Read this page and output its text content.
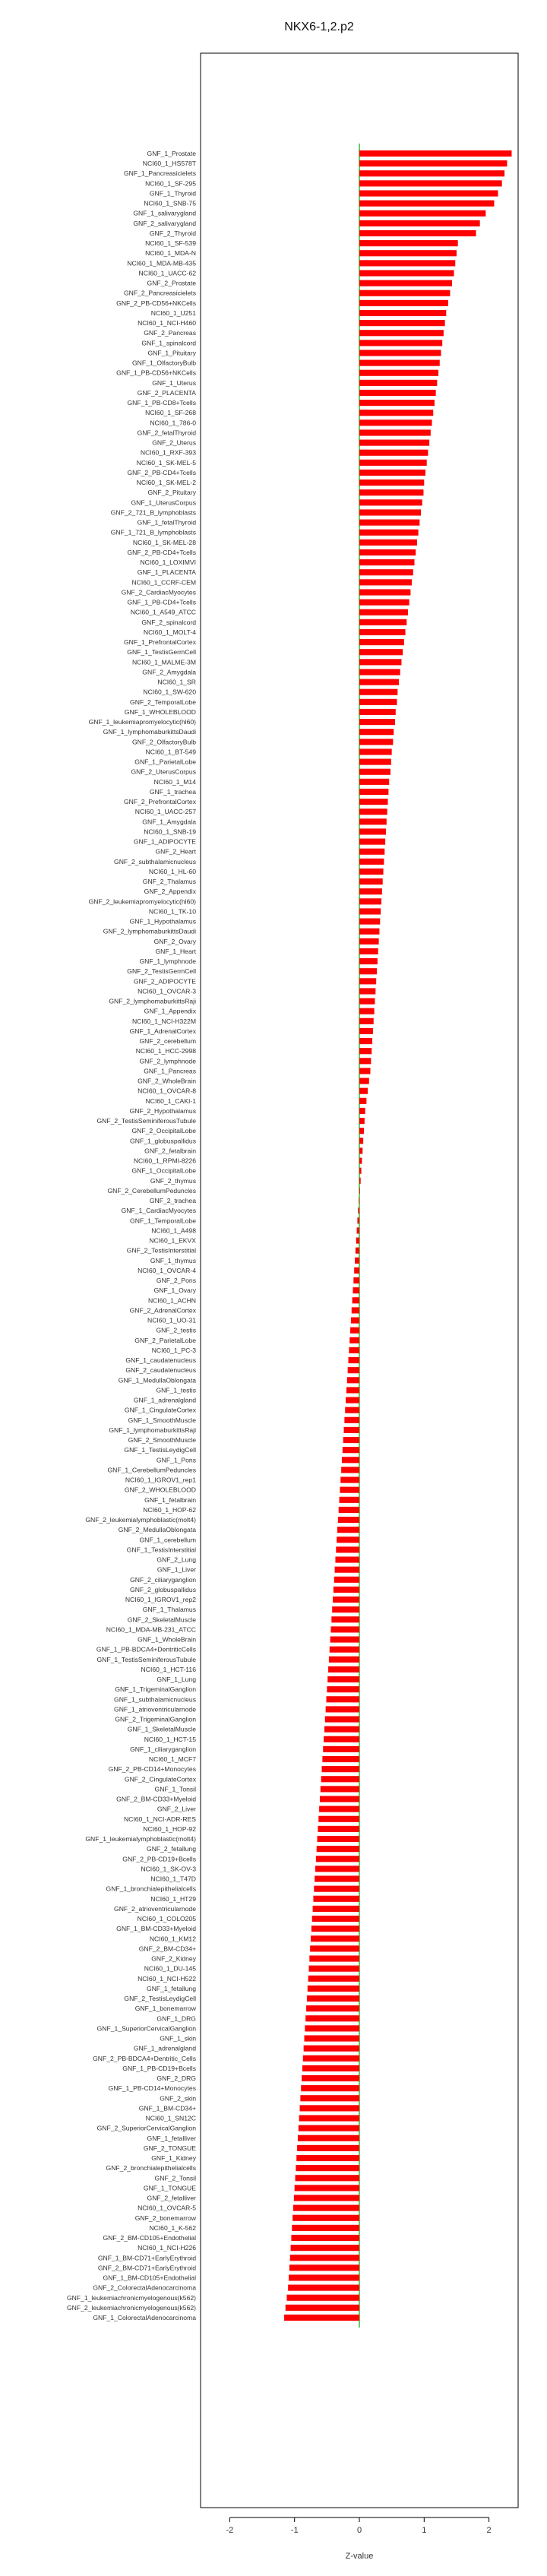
NKX6-1,2.p2
GNF_1_Prostate
NCI60_1_HS578T
GNF_1_Pancreasicielets
NCI60_1_SF-295
GNF_1_Thyroid
NCI60_1_SNB-75
GNF_1_salivarygland
GNF_2_salivarygland
GNF_2_Thyroid
NCI60_1_SF-539
NCI60_1_MDA-N
NCI60_1_MDA-MB-435
NCI60_1_UACC-62
GNF_2_Prostate
GNF_2_Pancreasicielets
GNF_2_PB-CD56+NKCells
NCI60_1_U251
NCI60_1_NCI-H460
GNF_2_Pancreas
GNF_1_spinalcord
GNF_1_Pituitary
GNF_1_OlfactoryBulb
GNF_1_PB-CD56+NKCells
GNF_1_Uterus
GNF_2_PLACENTA
GNF_1_PB-CD8+Tcells
NCI60_1_SF-268
NCI60_1_786-0
GNF_2_fetalThyroid
GNF_2_Uterus
NCI60_1_RXF-393
NCI60_1_SK-MEL-5
GNF_2_PB-CD4+Tcells
NCI60_1_SK-MEL-2
GNF_2_Pituitary
GNF_1_UterusCorpus
GNF_2_721_B_lymphoblasts
GNF_1_fetalThyroid
GNF_1_721_B_lymphoblasts
NCI60_1_SK-MEL-28
GNF_2_PB-CD4+Tcells
NCI60_1_LOXIMVI
GNF_1_PLACENTA
NCI60_1_CCRF-CEM
GNF_2_CardiacMyocytes
GNF_1_PB-CD4+Tcells
NCI60_1_A549_ATCC
GNF_2_spinalcord
NCI60_1_MOLT-4
GNF_1_PrefrontalCortex
GNF_1_TestisGermCell
NCI60_1_MALME-3M
GNF_2_Amygdala
NCI60_1_SR
NCI60_1_SW-620
GNF_2_TemporalLobe
GNF_1_WHOLEBLOOD
GNF_1_leukemiapromyelocytic(hl60)
GNF_1_lymphomaburkittsDaudi
GNF_2_OlfactoryBulb
NCI60_1_BT-549
GNF_1_ParietalLobe
GNF_2_UterusCorpus
NCI60_1_M14
GNF_1_trachea
GNF_2_PrefrontalCortex
NCI60_1_UACC-257
GNF_1_Amygdala
NCI60_1_SNB-19
GNF_1_ADIPOCYTE
GNF_2_Heart
GNF_2_subthalamicnucleus
NCI60_1_HL-60
GNF_2_Thalamus
GNF_2_Appendix
GNF_2_leukemiapromyelocytic(hl60)
NCI60_1_TK-10
GNF_1_Hypothalamus
GNF_2_lymphomaburkittsDaudi
GNF_2_Ovary
GNF_1_Heart
GNF_1_lymphnode
GNF_2_TestisGermCell
GNF_2_ADIPOCYTE
NCI60_1_OVCAR-3
GNF_2_lymphomaburkittsRaji
GNF_1_Appendix
NCI60_1_NCI-H322M
GNF_1_AdrenalCortex
GNF_2_cerebellum
NCI60_1_HCC-2998
GNF_2_lymphnode
GNF_1_Pancreas
GNF_2_WholeBrain
NCI60_1_OVCAR-8
NCI60_1_CAKI-1
GNF_2_Hypothalamus
GNF_2_TestisSeminiferousTubule
GNF_2_OccipitalLobe
GNF_1_globuspallidus
GNF_2_fetalbrain
NCI60_1_RPMI-8226
GNF_1_OccipitalLobe
GNF_2_thymus
GNF_2_CerebellumPeduncles
GNF_2_trachea
GNF_1_CardiacMyocytes
GNF_1_TemporalLobe
NCI60_1_A498
NCI60_1_EKVX
GNF_2_TestisInterstitial
GNF_1_thymus
NCI60_1_OVCAR-4
GNF_2_Pons
GNF_1_Ovary
NCI60_1_ACHN
GNF_2_AdrenalCortex
NCI60_1_UO-31
GNF_2_testis
GNF_2_ParietalLobe
NCI60_1_PC-3
GNF_1_caudatenucleus
GNF_2_caudatenucleus
GNF_1_MedullaOblongata
GNF_1_testis
GNF_1_adrenalgland
GNF_1_CingulateCortex
GNF_1_SmoothMuscle
GNF_1_lymphomaburkittsRaji
GNF_2_SmoothMuscle
GNF_1_TestisLeydigCell
GNF_1_Pons
GNF_1_CerebellumPeduncles
NCI60_1_IGROV1_rep1
GNF_2_WHOLEBLOOD
GNF_1_fetalbrain
NCI60_1_HOP-62
GNF_2_leukemialymphoblastic(molt4)
GNF_2_MedullaOblongata
GNF_1_cerebellum
GNF_1_TestisInterstitial
GNF_2_Lung
GNF_1_Liver
GNF_2_ciliaryganglion
GNF_2_globuspallidus
NCI60_1_IGROV1_rep2
GNF_1_Thalamus
GNF_2_SkeletalMuscle
NCI60_1_MDA-MB-231_ATCC
GNF_1_WholeBrain
GNF_1_PB-BDCA4+DentriticCells
GNF_1_TestisSeminiferousTubule
NCI60_1_HCT-116
GNF_1_Lung
GNF_1_TrigeminalGanglion
GNF_1_subthalamicnucleus
GNF_1_atrioventricularnode
GNF_2_TrigeminalGanglion
GNF_1_SkeletalMuscle
NCI60_1_HCT-15
GNF_1_ciliaryganglion
NCI60_1_MCF7
GNF_2_PB-CD14+Monocytes
GNF_2_CingulateCortex
GNF_1_Tonsil
GNF_2_BM-CD33+Myeloid
GNF_2_Liver
NCI60_1_NCI-ADR-RES
NCI60_1_HOP-92
GNF_1_leukemialymphoblastic(molt4)
GNF_2_fetallung
GNF_2_PB-CD19+Bcells
NCI60_1_SK-OV-3
NCI60_1_T47D
GNF_1_bronchialepithelialcells
NCI60_1_HT29
GNF_2_atrioventricularnode
NCI60_1_COLO205
GNF_1_BM-CD33+Myeloid
NCI60_1_KM12
GNF_2_BM-CD34+
GNF_2_Kidney
NCI60_1_DU-145
NCI60_1_NCI-H522
GNF_1_fetallung
GNF_2_TestisLeydigCell
GNF_1_bonemarrow
GNF_1_DRG
GNF_1_SuperiorCervicalGanglion
GNF_1_skin
GNF_1_adrenalgland
GNF_2_PB-BDCA4+Dentritic_Cells
GNF_1_PB-CD19+Bcells
GNF_2_DRG
GNF_1_PB-CD14+Monocytes
GNF_2_skin
GNF_1_BM-CD34+
NCI60_1_SN12C
GNF_2_SuperiorCervicalGanglion
GNF_1_fetalliver
GNF_2_TONGUE
GNF_1_Kidney
GNF_2_bronchialepithelialcells
GNF_2_Tonsil
GNF_1_TONGUE
GNF_2_fetalliver
NCI60_1_OVCAR-5
GNF_2_bonemarrow
NCI60_1_K-562
GNF_2_BM-CD105+Endothelial
NCI60_1_NCI-H226
GNF_1_BM-CD71+EarlyErythroid
GNF_2_BM-CD71+EarlyErythroid
GNF_1_BM-CD105+Endothelial
GNF_2_ColorectalAdenocarcinoma
GNF_1_leukemiachronicmyelogenous(k562)
GNF_2_leukemiachronicmyelogenous(k562)
GNF_1_ColorectalAdenocarcinoma
-2	-1	0	1	2
Z-value
